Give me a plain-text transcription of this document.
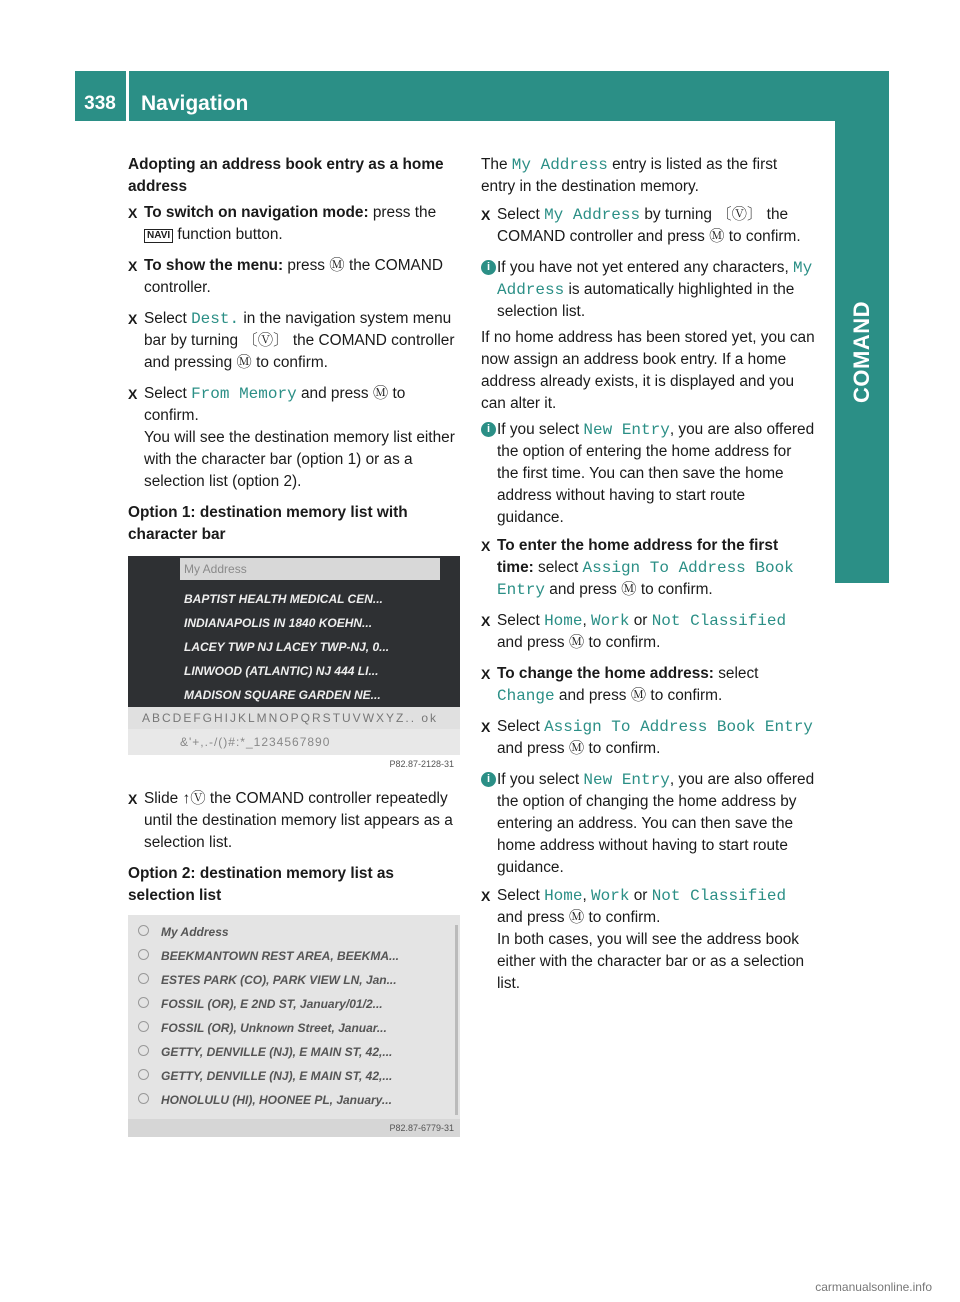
338	Navigation
COMAND
Adopting an address book entry as a home address
X To switch on navigation mode: press the NAVI function button.
X To show the menu: press Ⓜ the COMAND controller.
X Select Dest. in the navigation system menu bar by turning 〔Ⓥ〕 the COMAND controller and pressing Ⓜ to confirm.
X Select From Memory and press Ⓜ to confirm.
You will see the destination memory list either with the character bar (option 1) or as a selection list (option 2).
Option 1: destination memory list with character bar
My Address
BAPTIST HEALTH MEDICAL CEN...
INDIANAPOLIS IN 1840 KOEHN...
LACEY TWP NJ LACEY TWP-NJ, 0...
LINWOOD (ATLANTIC) NJ 444 LI...
MADISON SQUARE GARDEN NE...
ABCDEFGHIJKLMNOPQRSTUVWXYZ.. ok
&'+,.-/()#:*_1234567890
P82.87-2128-31
X Slide ↑Ⓥ the COMAND controller repeatedly until the destination memory list appears as a selection list.
Option 2: destination memory list as selection list
My Address
BEEKMANTOWN REST AREA, BEEKMA...
ESTES PARK (CO), PARK VIEW LN, Jan...
FOSSIL (OR), E 2ND ST, January/01/2...
FOSSIL (OR), Unknown Street, Januar...
GETTY, DENVILLE (NJ), E MAIN ST, 42,...
GETTY, DENVILLE (NJ), E MAIN ST, 42,...
HONOLULU (HI), HOONEE PL, January...
P82.87-6779-31
The My Address entry is listed as the first entry in the destination memory.
X Select My Address by turning 〔Ⓥ〕 the COMAND controller and press Ⓜ to confirm.
i If you have not yet entered any characters, My Address is automatically highlighted in the selection list.
If no home address has been stored yet, you can now assign an address book entry. If a home address already exists, it is displayed and you can alter it.
i If you select New Entry, you are also offered the option of entering the home address for the first time. You can then save the home address without having to start route guidance.
X To enter the home address for the first time: select Assign To Address Book Entry and press Ⓜ to confirm.
X Select Home, Work or Not Classified and press Ⓜ to confirm.
X To change the home address: select Change and press Ⓜ to confirm.
X Select Assign To Address Book Entry and press Ⓜ to confirm.
i If you select New Entry, you are also offered the option of changing the home address by entering an address. You can then save the home address without having to start route guidance.
X Select Home, Work or Not Classified and press Ⓜ to confirm.
In both cases, you will see the address book either with the character bar or as a selection list.
carmanualsonline.info
